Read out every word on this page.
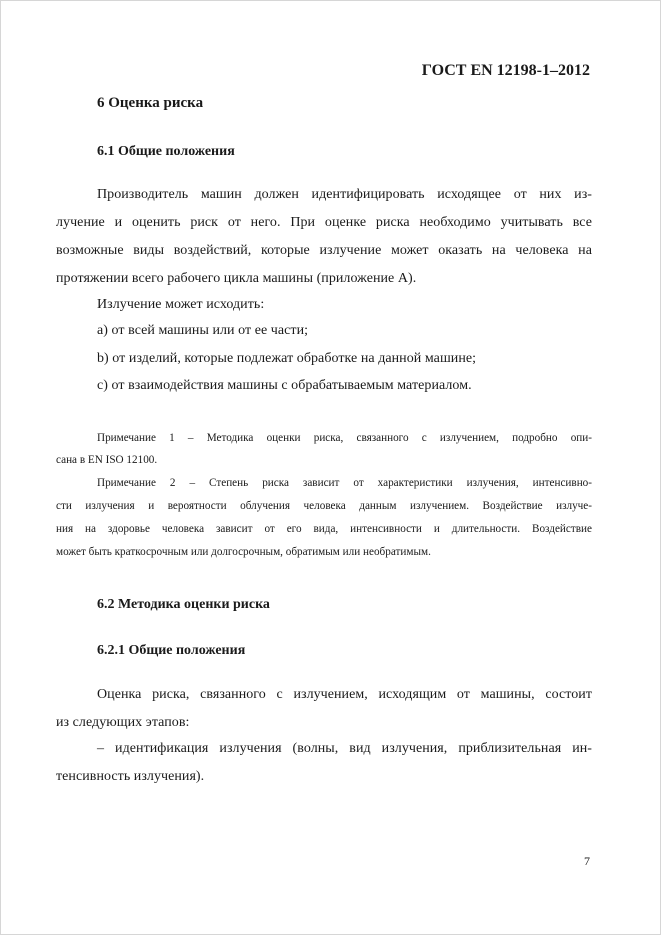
ГОСТ EN 12198-1–2012
6 Оценка риска
6.1 Общие положения
Производитель машин должен идентифицировать исходящее от них из-
лучение и оценить риск от него. При оценке риска необходимо учитывать все
возможные виды воздействий, которые излучение может оказать на человека на
протяжении всего рабочего цикла машины (приложение А).
Излучение может исходить:
a) от всей машины или от ее части;
b) от изделий, которые подлежат обработке на данной машине;
c) от взаимодействия машины с обрабатываемым материалом.
Примечание 1 – Методика оценки риска, связанного с излучением, подробно опи-
сана в EN ISO 12100.
Примечание 2 – Степень риска зависит от характеристики излучения, интенсивно-
сти излучения и вероятности облучения человека данным излучением. Воздействие излуче-
ния на здоровье человека зависит от его вида, интенсивности и длительности. Воздействие
может быть краткосрочным или долгосрочным, обратимым или необратимым.
6.2 Методика оценки риска
6.2.1 Общие положения
Оценка риска, связанного с излучением, исходящим от машины, состоит
из следующих этапов:
– идентификация излучения (волны, вид излучения, приблизительная ин-
тенсивность излучения).
7
